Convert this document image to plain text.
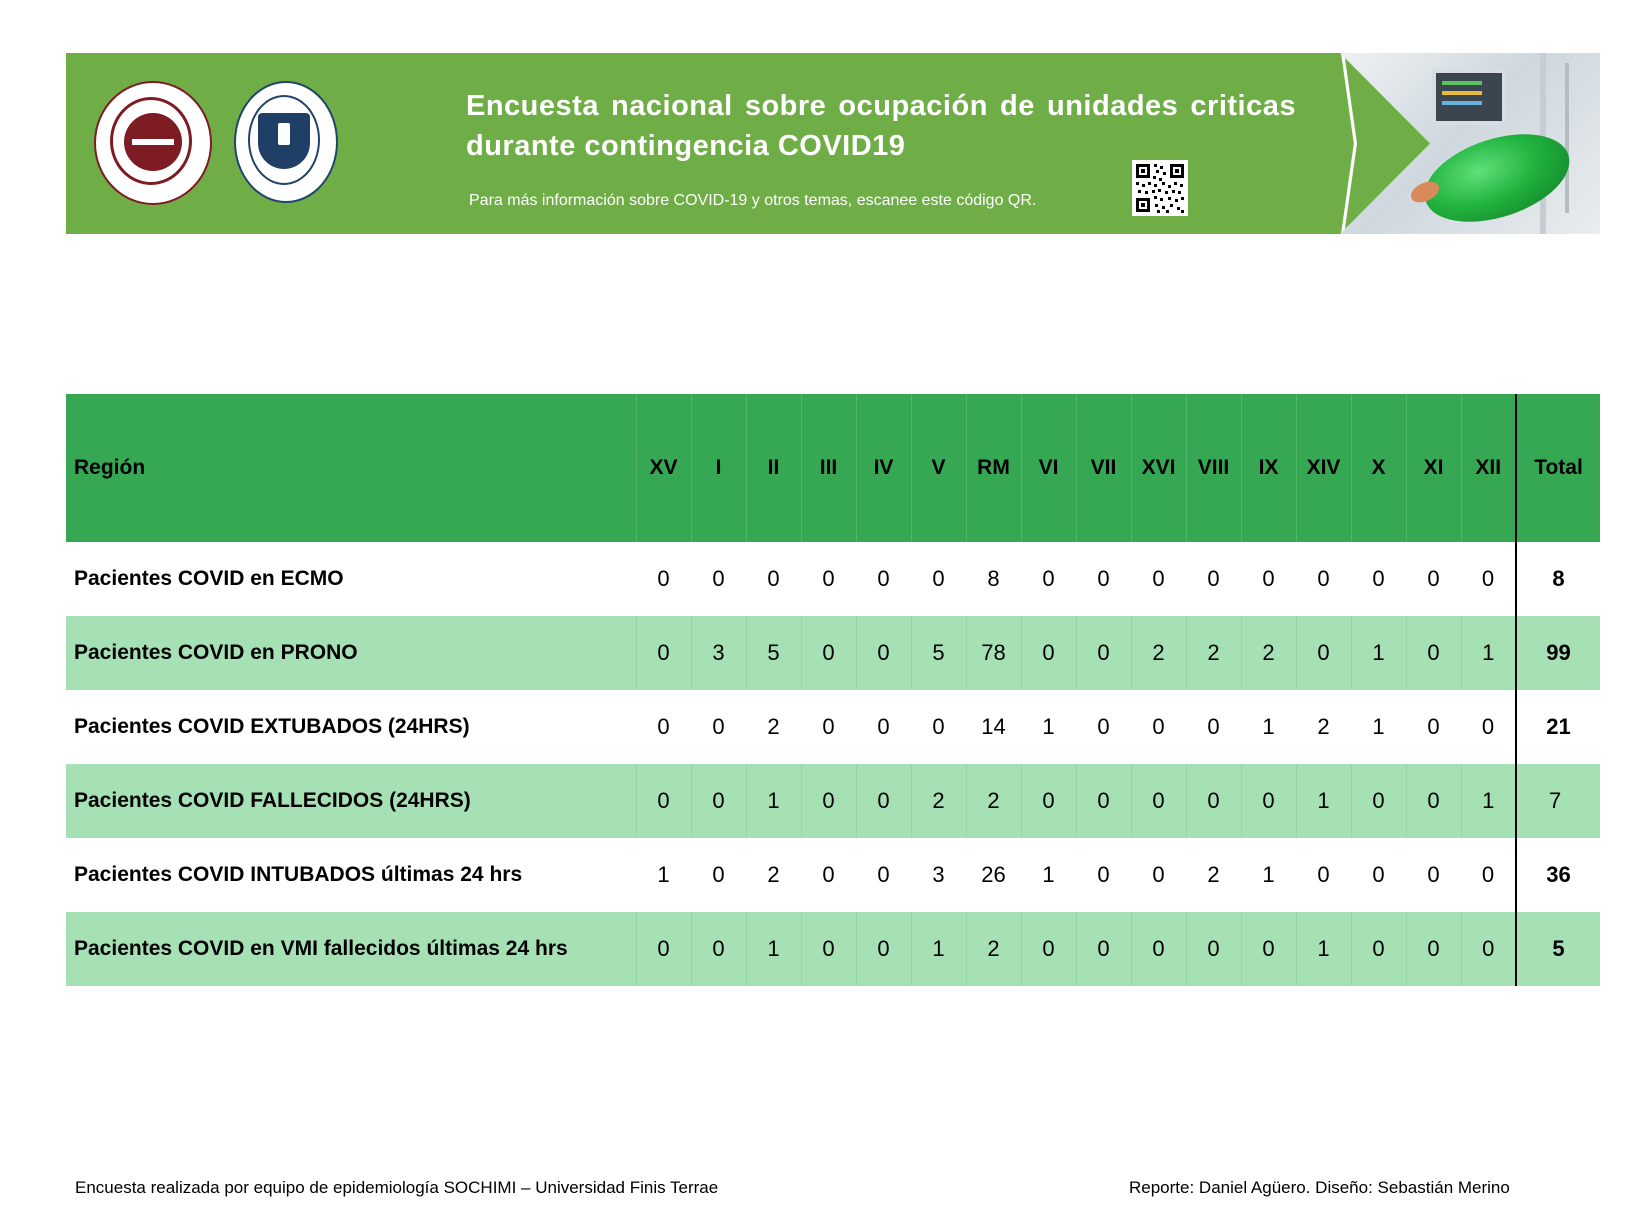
Encuesta nacional sobre ocupación de unidades criticas durante contingencia COVID19
Para más información sobre COVID-19 y otros temas, escanee este código QR.
Región	XV	I	II	III	IV	V	RM	VI	VII	XVI	VIII	IX	XIV	X	XI	XII	Total
Pacientes COVID en ECMO	0	0	0	0	0	0	8	0	0	0	0	0	0	0	0	0	8
Pacientes COVID en PRONO	0	3	5	0	0	5	78	0	0	2	2	2	0	1	0	1	99
Pacientes COVID EXTUBADOS (24HRS)	0	0	2	0	0	0	14	1	0	0	0	1	2	1	0	0	21
Pacientes COVID FALLECIDOS (24HRS)	0	0	1	0	0	2	2	0	0	0	0	0	1	0	0	1	7
Pacientes COVID INTUBADOS últimas 24 hrs	1	0	2	0	0	3	26	1	0	0	2	1	0	0	0	0	36
Pacientes COVID en VMI fallecidos últimas 24 hrs	0	0	1	0	0	1	2	0	0	0	0	0	1	0	0	0	5
Encuesta realizada por equipo de epidemiología SOCHIMI – Universidad Finis Terrae	Reporte: Daniel Agüero. Diseño: Sebastián Merino
